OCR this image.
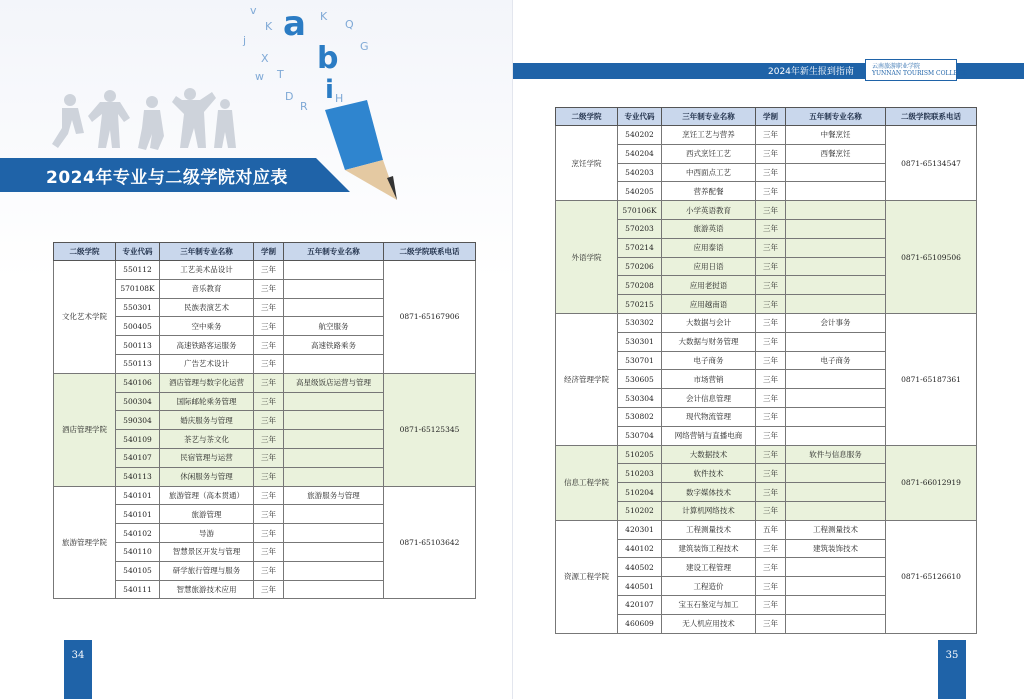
v
K
j
X
T
w
D
R
K
Q
G
H
a
b
i
2024年专业与二级学院对应表
二级学院	专业代码	三年制专业名称	学制	五年制专业名称	二级学院联系电话
文化艺术学院	550112	工艺美术品设计	三年		0871-65167906
	570108K	音乐教育	三年		
	550301	民族表演艺术	三年		
	500405	空中乘务	三年	航空服务	
	500113	高速铁路客运服务	三年	高速铁路乘务	
	550113	广告艺术设计	三年		
酒店管理学院	540106	酒店管理与数字化运营	三年	高星级饭店运营与管理	0871-65125345
	500304	国际邮轮乘务管理	三年		
	590304	婚庆服务与管理	三年		
	540109	茶艺与茶文化	三年		
	540107	民宿管理与运营	三年		
	540113	休闲服务与管理	三年		
旅游管理学院	540101	旅游管理（高本贯通）	三年	旅游服务与管理	0871-65103642
	540101	旅游管理	三年		
	540102	导游	三年		
	540110	智慧景区开发与管理	三年		
	540105	研学旅行管理与服务	三年		
	540111	智慧旅游技术应用	三年		
34
2024年新生报到指南
云南旅游职业学院
YUNNAN TOURISM COLLEGE
二级学院	专业代码	三年制专业名称	学制	五年制专业名称	二级学院联系电话
烹饪学院	540202	烹饪工艺与营养	三年	中餐烹饪	0871-65134547
	540204	西式烹饪工艺	三年	西餐烹饪	
	540203	中西面点工艺	三年		
	540205	营养配餐	三年		
外语学院	570106K	小学英语教育	三年		0871-65109506
	570203	旅游英语	三年		
	570214	应用泰语	三年		
	570206	应用日语	三年		
	570208	应用老挝语	三年		
	570215	应用越南语	三年		
经济管理学院	530302	大数据与会计	三年	会计事务	0871-65187361
	530301	大数据与财务管理	三年		
	530701	电子商务	三年	电子商务	
	530605	市场营销	三年		
	530304	会计信息管理	三年		
	530802	现代物流管理	三年		
	530704	网络营销与直播电商	三年		
信息工程学院	510205	大数据技术	三年	软件与信息服务	0871-66012919
	510203	软件技术	三年		
	510204	数字媒体技术	三年		
	510202	计算机网络技术	三年		
资源工程学院	420301	工程测量技术	五年	工程测量技术	0871-65126610
	440102	建筑装饰工程技术	三年	建筑装饰技术	
	440502	建设工程管理	三年		
	440501	工程造价	三年		
	420107	宝玉石鉴定与加工	三年		
	460609	无人机应用技术	三年		
35
